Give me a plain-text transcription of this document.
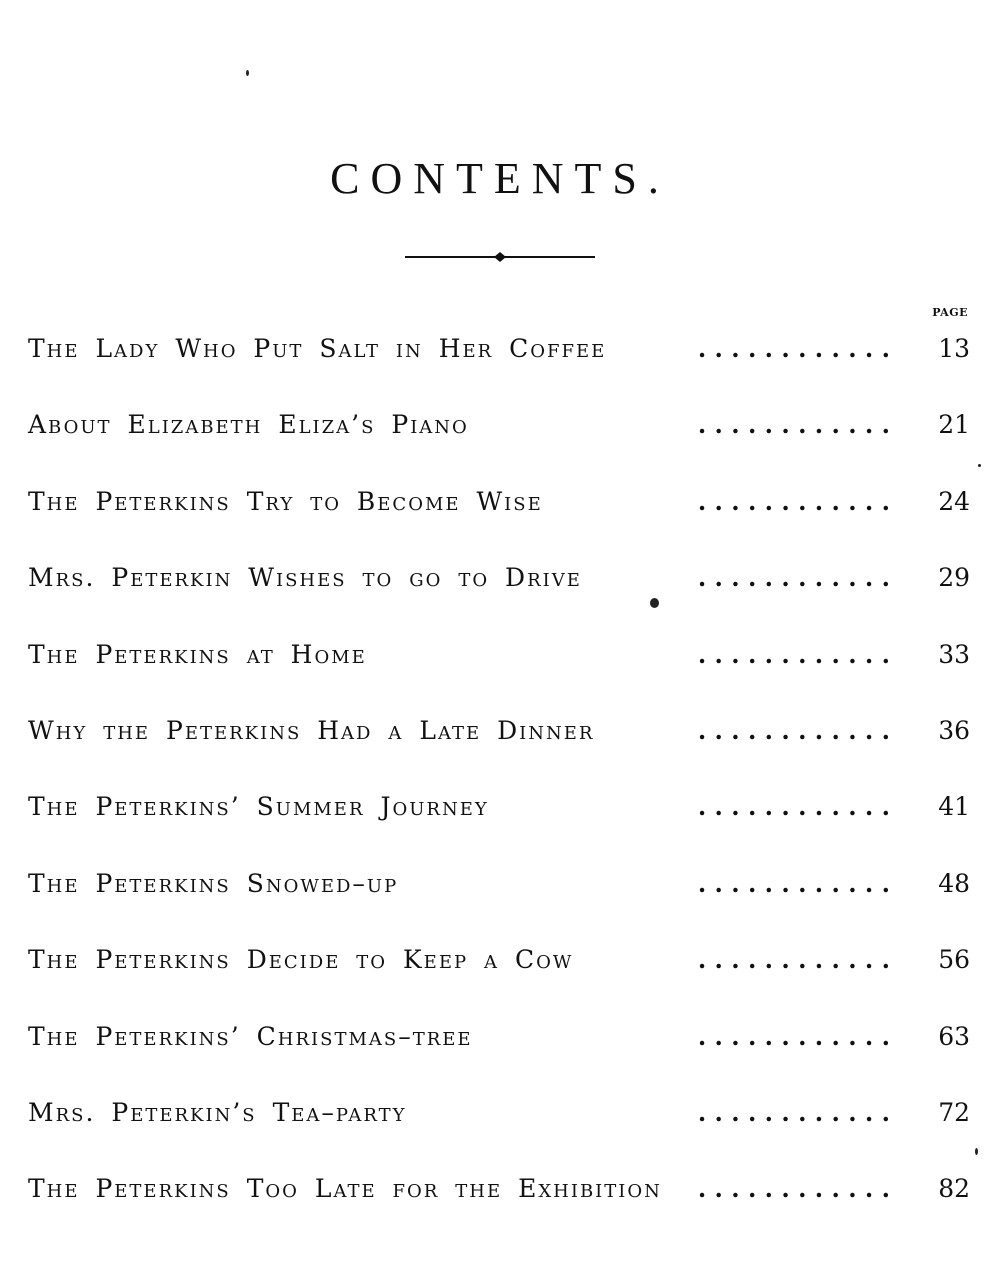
CONTENTS.
PAGE
The Lady Who Put Salt in Her Coffee	. . . . . . . . . . . .	13
About Elizabeth Eliza’s Piano	. . . . . . . . . . . .	21
The Peterkins Try to Become Wise	. . . . . . . . . . . .	24
Mrs. Peterkin Wishes to go to Drive	. . . . . . . . . . . .	29
The Peterkins at Home	. . . . . . . . . . . .	33
Why the Peterkins Had a Late Dinner	. . . . . . . . . . . .	36
The Peterkins’ Summer Journey	. . . . . . . . . . . .	41
The Peterkins Snowed–up	. . . . . . . . . . . .	48
The Peterkins Decide to Keep a Cow	. . . . . . . . . . . .	56
The Peterkins’ Christmas–tree	. . . . . . . . . . . .	63
Mrs. Peterkin’s Tea–party	. . . . . . . . . . . .	72
The Peterkins Too Late for the Exhibition	. . . . . . . . . . . .	82
